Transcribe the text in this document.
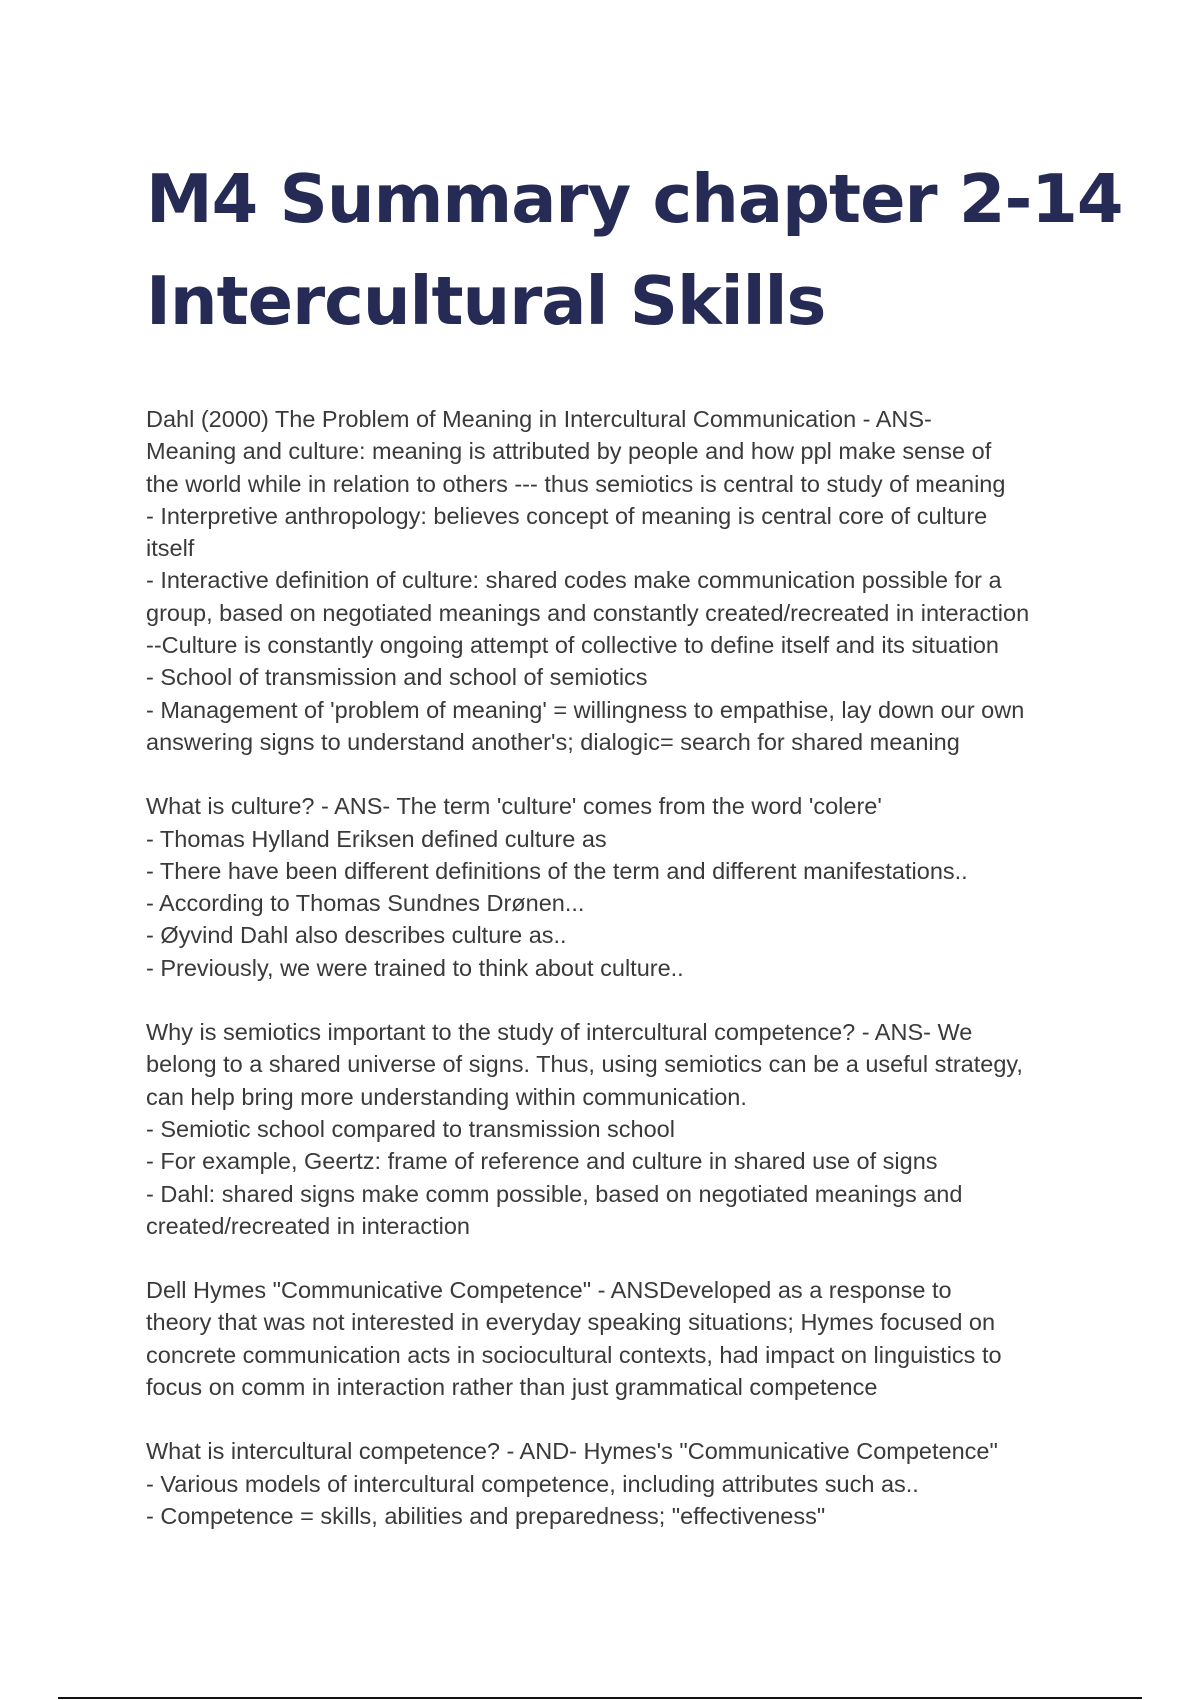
M4 Summary chapter 2-14
Intercultural Skills

Dahl (2000) The Problem of Meaning in Intercultural Communication - ANS-
Meaning and culture: meaning is attributed by people and how ppl make sense of
the world while in relation to others --- thus semiotics is central to study of meaning
- Interpretive anthropology: believes concept of meaning is central core of culture
itself
- Interactive definition of culture: shared codes make communication possible for a
group, based on negotiated meanings and constantly created/recreated in interaction
--Culture is constantly ongoing attempt of collective to define itself and its situation
- School of transmission and school of semiotics
- Management of 'problem of meaning' = willingness to empathise, lay down our own
answering signs to understand another's; dialogic= search for shared meaning

What is culture? - ANS- The term 'culture' comes from the word 'colere'
- Thomas Hylland Eriksen defined culture as
- There have been different definitions of the term and different manifestations..
- According to Thomas Sundnes Drønen...
- Øyvind Dahl also describes culture as..
- Previously, we were trained to think about culture..

Why is semiotics important to the study of intercultural competence? - ANS- We
belong to a shared universe of signs. Thus, using semiotics can be a useful strategy,
can help bring more understanding within communication.
- Semiotic school compared to transmission school
- For example, Geertz: frame of reference and culture in shared use of signs
- Dahl: shared signs make comm possible, based on negotiated meanings and
created/recreated in interaction

Dell Hymes "Communicative Competence" - ANSDeveloped as a response to
theory that was not interested in everyday speaking situations; Hymes focused on
concrete communication acts in sociocultural contexts, had impact on linguistics to
focus on comm in interaction rather than just grammatical competence

What is intercultural competence? - AND- Hymes's "Communicative Competence"
- Various models of intercultural competence, including attributes such as..
- Competence = skills, abilities and preparedness; "effectiveness"
